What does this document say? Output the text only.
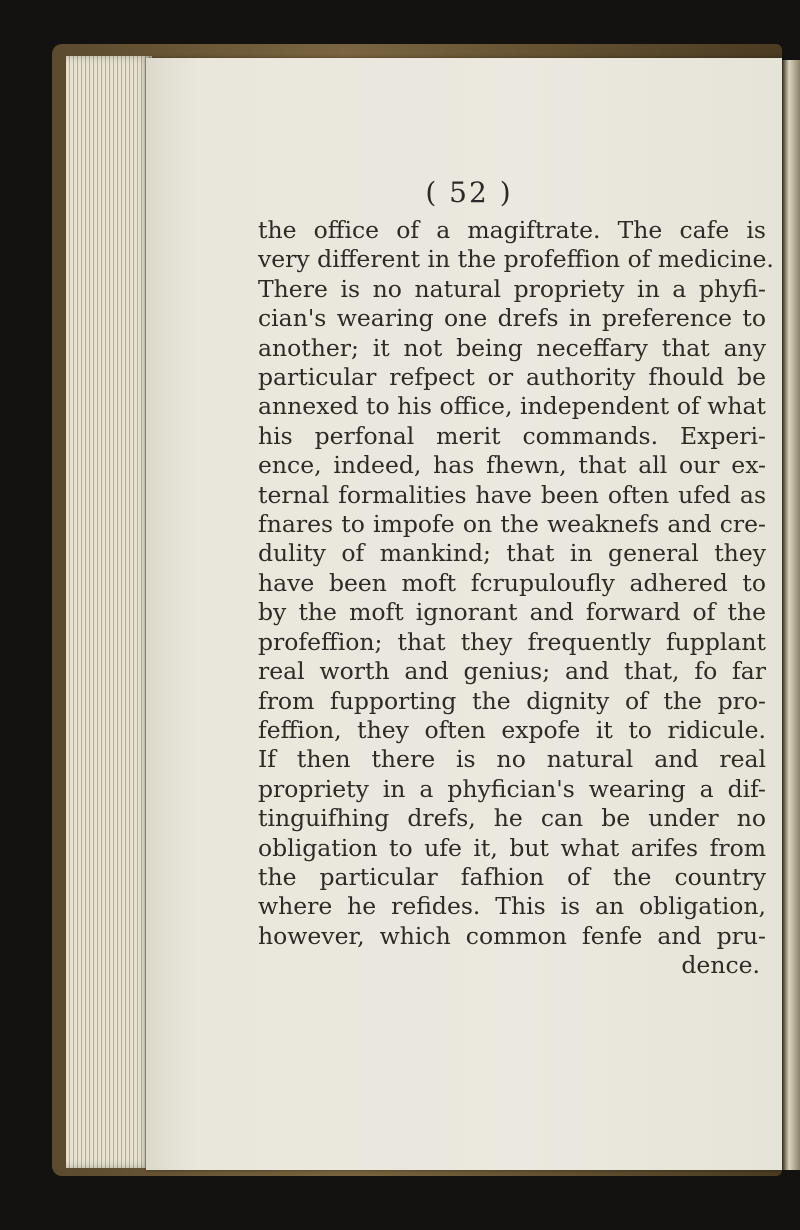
( 52 )
the office of a magiftrate. The cafe is
very different in the profeffion of medicine.
There is no natural propriety in a phyfi-
cian's wearing one drefs in preference to
another; it not being neceffary that any
particular refpect or authority fhould be
annexed to his office, independent of what
his perfonal merit commands. Experi-
ence, indeed, has fhewn, that all our ex-
ternal formalities have been often ufed as
fnares to impofe on the weaknefs and cre-
dulity of mankind; that in general they
have been moft fcrupuloufly adhered to
by the moft ignorant and forward of the
profeffion; that they frequently fupplant
real worth and genius; and that, fo far
from fupporting the dignity of the pro-
feffion, they often expofe it to ridicule.
If then there is no natural and real
propriety in a phyfician's wearing a dif-
tinguifhing drefs, he can be under no
obligation to ufe it, but what arifes from
the particular fafhion of the country
where he refides. This is an obligation,
however, which common fenfe and pru-
dence.
